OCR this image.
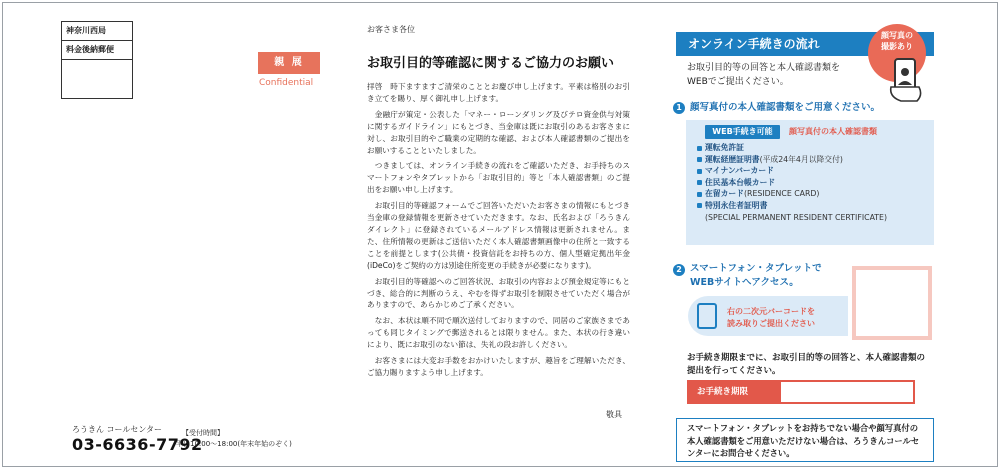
神奈川西局
料金後納郵便
親 展
Confidential
ろうきん コールセンター
03-6636-7792
【受付時間】
平日10:00～18:00(年末年始のぞく)
お客さま各位
お取引目的等確認に関するご協力のお願い

拝啓　時下ますますご清栄のこととお慶び申し上げます。平素は格別のお引き立てを賜り、厚く御礼申し上げます。

　金融庁が策定・公表した「マネー・ローンダリング及びテロ資金供与対策に関するガイドライン」にもとづき、当金庫は既にお取引のあるお客さまに対し、お取引目的やご職業の定期的な確認、および本人確認書類のご提出をお願いすることといたしました。

　つきましては、オンライン手続きの流れをご確認いただき、お手持ちのスマートフォンやタブレットから「お取引目的」等と「本人確認書類」のご提出をお願い申し上げます。

　お取引目的等確認フォームでご回答いただいたお客さまの情報にもとづき当金庫の登録情報を更新させていただきます。なお、氏名および「ろうきんダイレクト」に登録されているメールアドレス情報は更新されません。また、住所情報の更新はご送信いただく本人確認書類画像中の住所と一致することを前提とします(公共債・投資信託をお持ちの方、個人型確定拠出年金(iDeCo)をご契約の方は別途住所変更の手続きが必要になります)。

　お取引目的等確認へのご回答状況、お取引の内容および預金規定等にもとづき、総合的に判断のうえ、やむを得ずお取引を制限させていただく場合がありますので、あらかじめご了承ください。

　なお、本状は順不同で順次送付しておりますので、同居のご家族さまであっても同じタイミングで郵送されるとは限りません。また、本状の行き違いにより、既にお取引のない節は、失礼の段お許しください。

　お客さまには大変お手数をおかけいたしますが、趣旨をご理解いただき、ご協力賜りますよう申し上げます。

敬具
オンライン手続きの流れ
顔写真の
撮影あり
お取引目的等の回答と本人確認書類を
WEBでご提出ください。
1 顔写真付の本人確認書類をご用意ください。
WEB手続き可能	顔写真付の本人確認書類
運転免許証
運転経歴証明書(平成24年4月以降交付)
マイナンバーカード
住民基本台帳カード
在留カード(RESIDENCE CARD)
特別永住者証明書
(SPECIAL PERMANENT RESIDENT CERTIFICATE)
2 スマートフォン・タブレットで
WEBサイトへアクセス。
右の二次元バーコードを
読み取りご提出ください
お手続き期限までに、お取引目的等の回答と、本人確認書類の
提出を行ってください。
お手続き期限
スマートフォン・タブレットをお持ちでない場合や顔写真付の本人確認書類をご用意いただけない場合は、ろうきんコールセンターにお問合せください。
